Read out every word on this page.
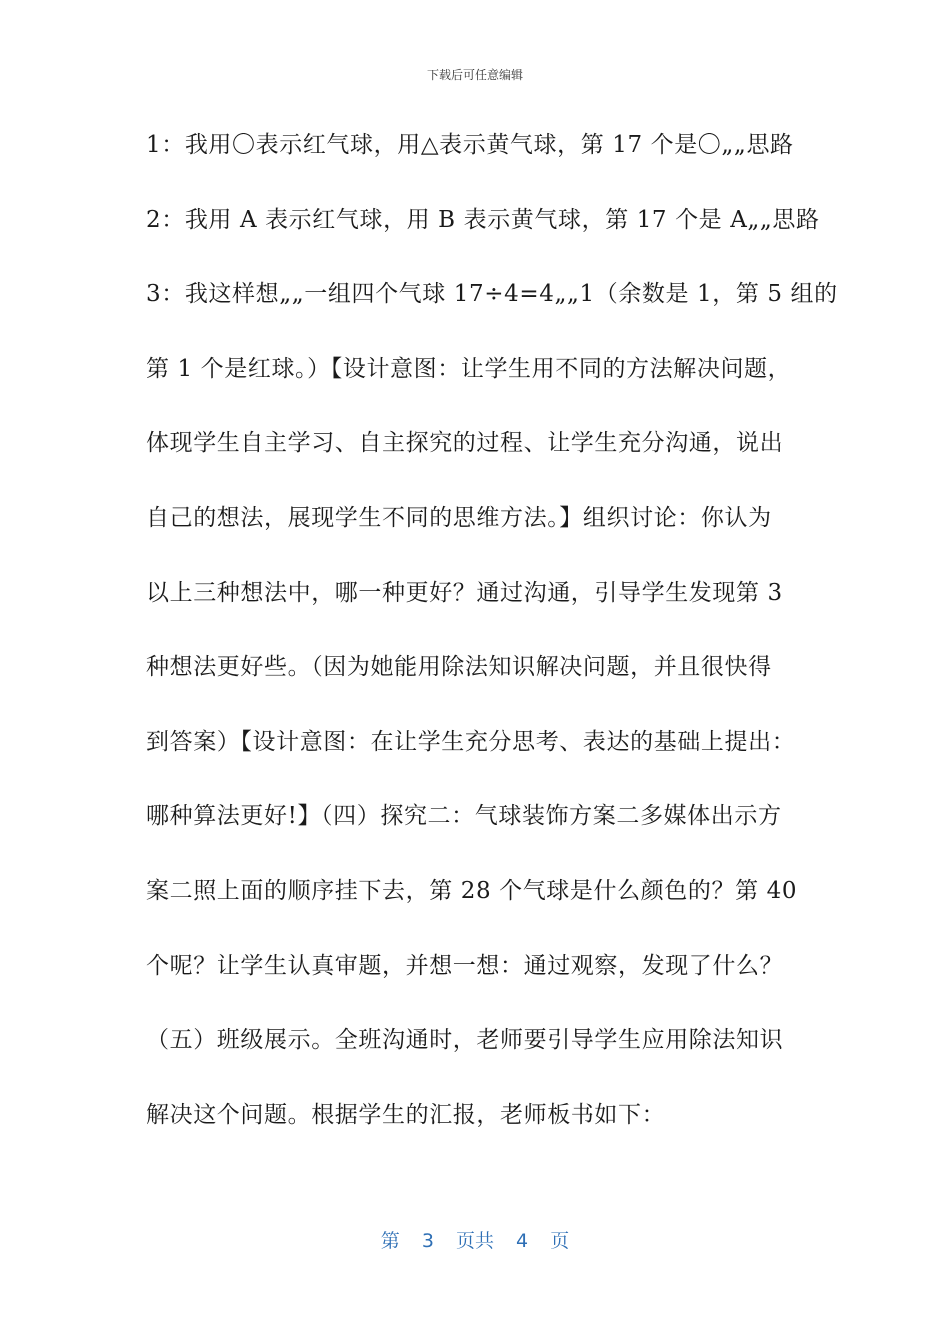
下载后可任意编辑
1：我用〇表示红气球，用△表示黄气球，第 17 个是〇„„思路
2：我用 A 表示红气球，用 B 表示黄气球，第 17 个是 A„„思路
3：我这样想„„一组四个气球 17÷4=4„„1（余数是 1，第 5 组的
第 1 个是红球。）【设计意图：让学生用不同的方法解决问题，
体现学生自主学习、自主探究的过程、让学生充分沟通，说出
自己的想法，展现学生不同的思维方法。】组织讨论：你认为
以上三种想法中，哪一种更好？通过沟通，引导学生发现第 3
种想法更好些。（因为她能用除法知识解决问题，并且很快得
到答案）【设计意图：在让学生充分思考、表达的基础上提出：
哪种算法更好!】（四）探究二：气球装饰方案二多媒体出示方
案二照上面的顺序挂下去，第 28 个气球是什么颜色的？第 40
个呢？让学生认真审题，并想一想：通过观察，发现了什么？
（五）班级展示。全班沟通时，老师要引导学生应用除法知识
解决这个问题。根据学生的汇报，老师板书如下：
第 3 页共 4 页
